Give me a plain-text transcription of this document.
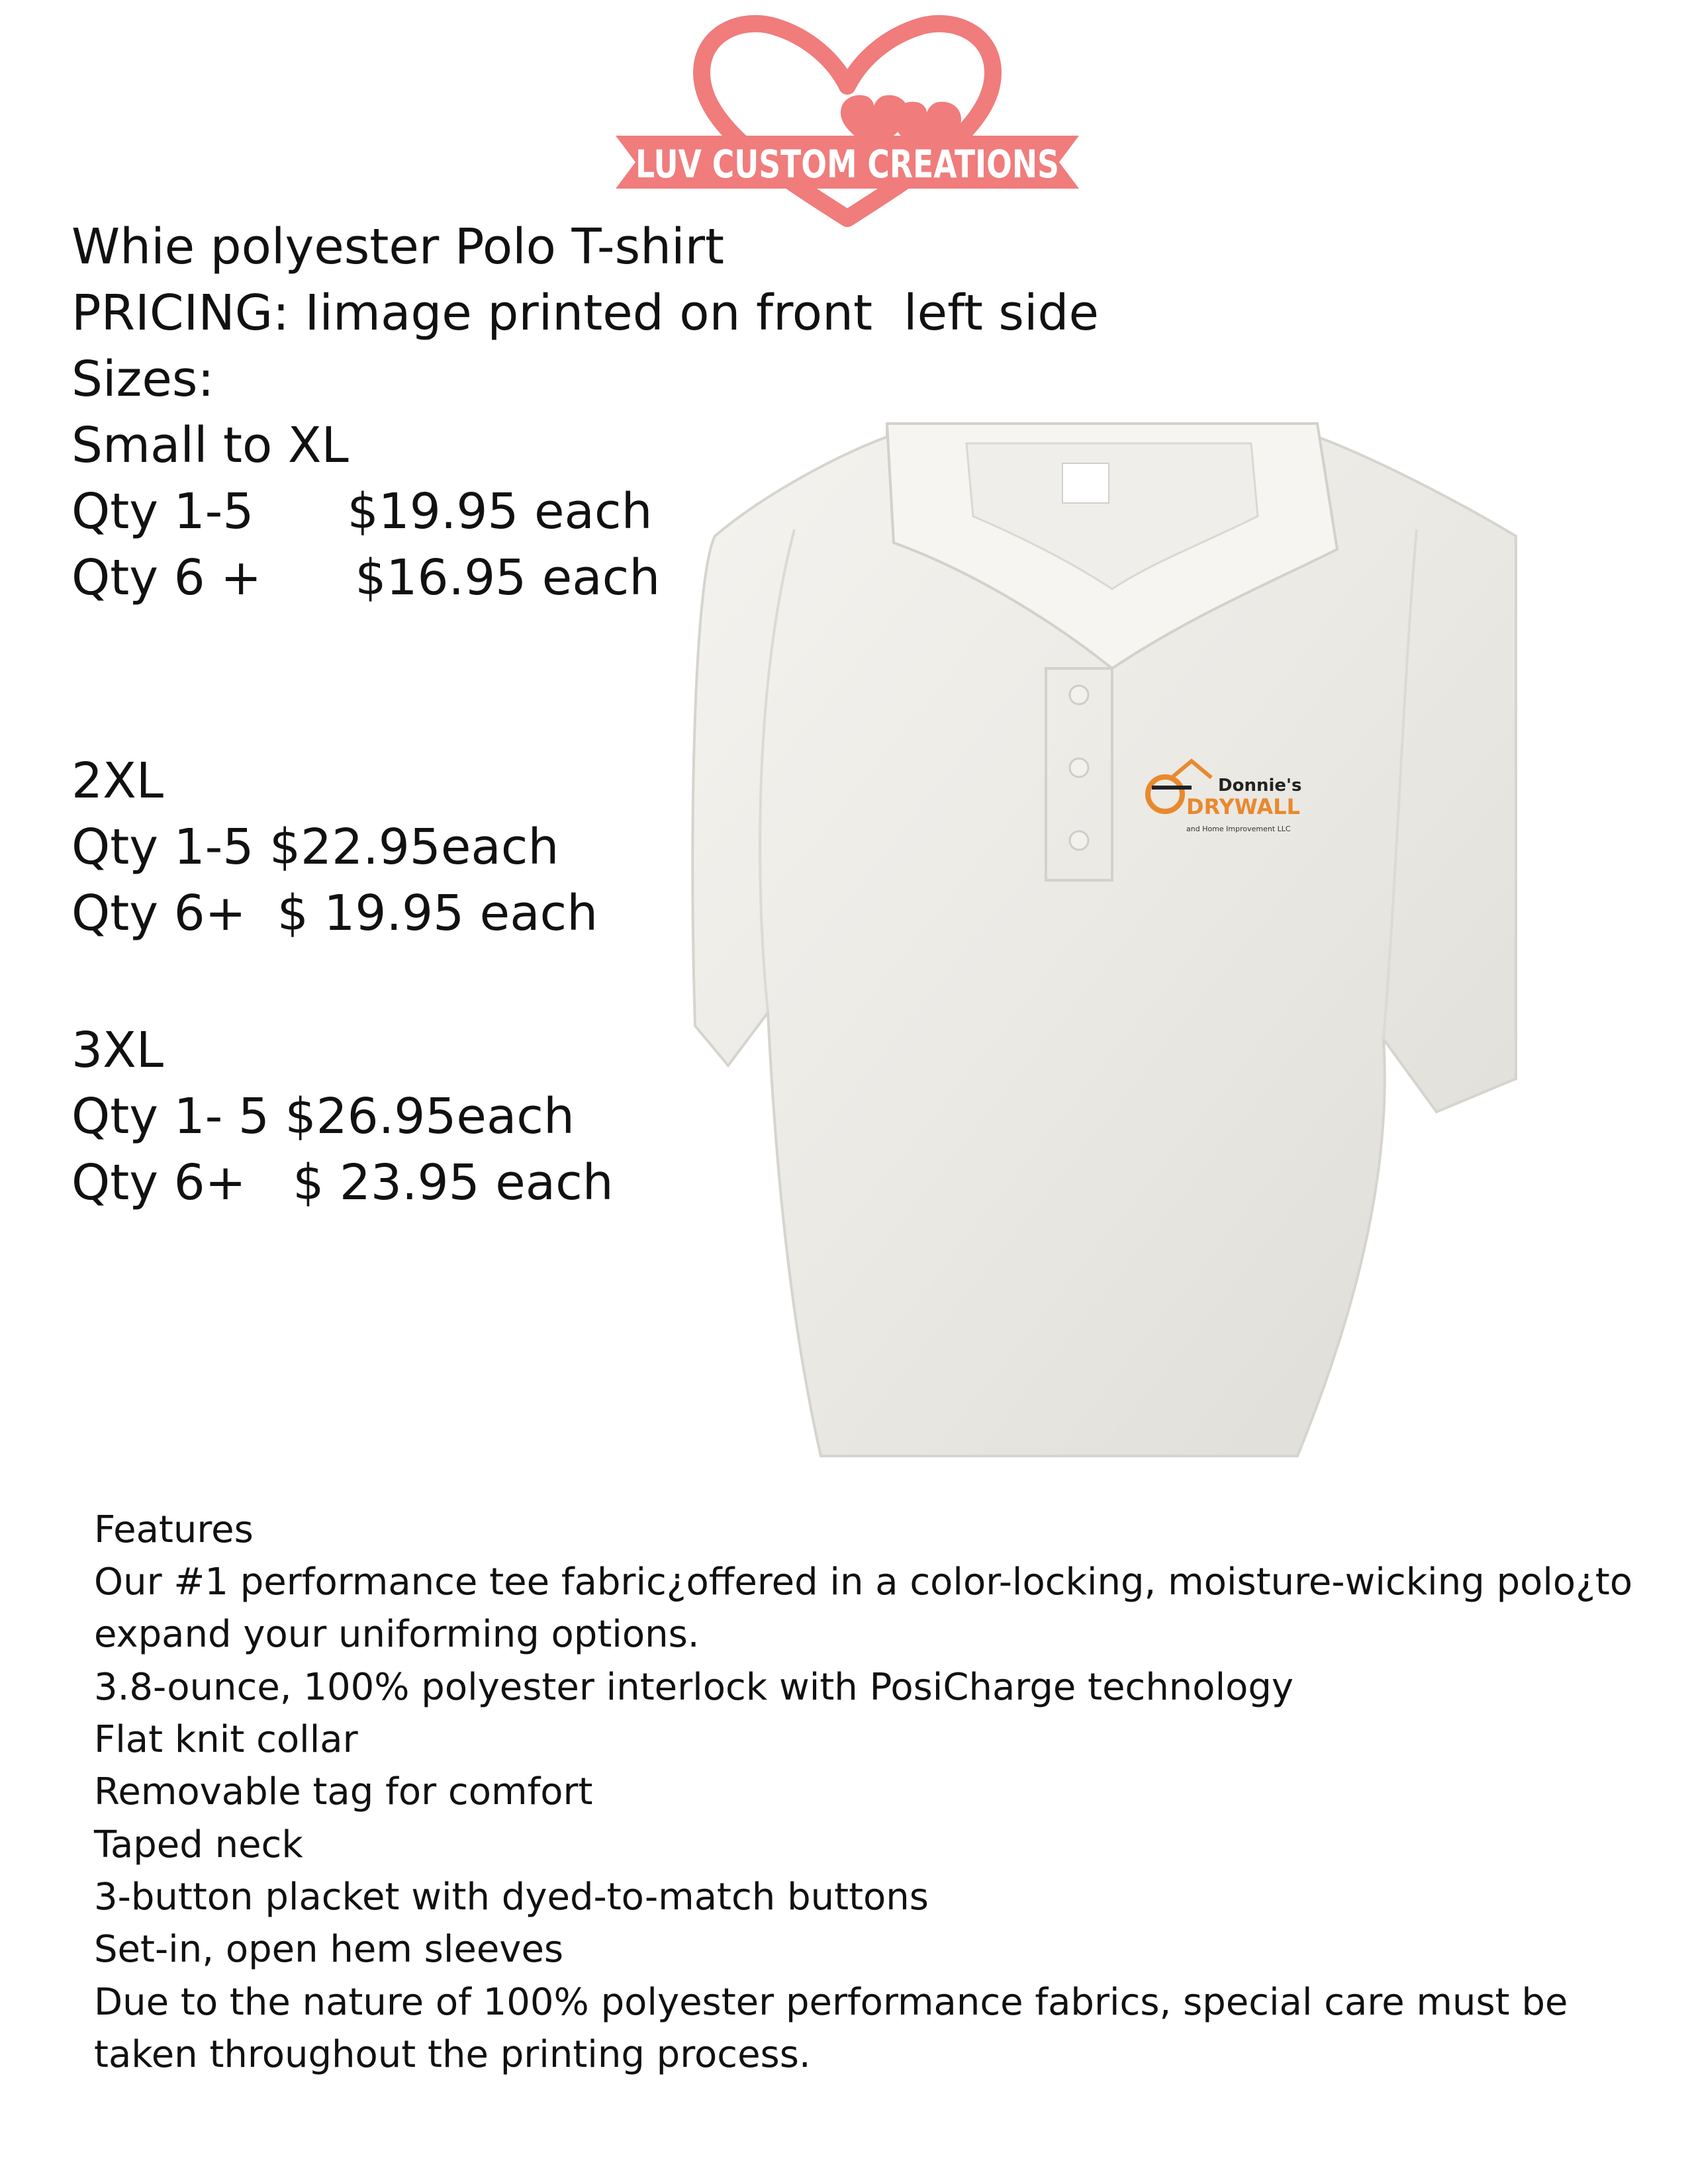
LUV CUSTOM CREATIONS
Whie polyester Polo T-shirt
PRICING: Iimage printed on front  left side
Sizes:
Small to XL
Qty 1-5      $19.95 each
Qty 6 +      $16.95 each
2XL
Qty 1-5 $22.95each
Qty 6+  $ 19.95 each
3XL
Qty 1- 5 $26.95each
Qty 6+   $ 23.95 each
Donnie's
DRYWALL
and Home Improvement LLC
Features
Our #1 performance tee fabric¿offered in a color-locking, moisture-wicking polo¿to
expand your uniforming options.
3.8-ounce, 100% polyester interlock with PosiCharge technology
Flat knit collar
Removable tag for comfort
Taped neck
3-button placket with dyed-to-match buttons
Set-in, open hem sleeves
Due to the nature of 100% polyester performance fabrics, special care must be
taken throughout the printing process.
